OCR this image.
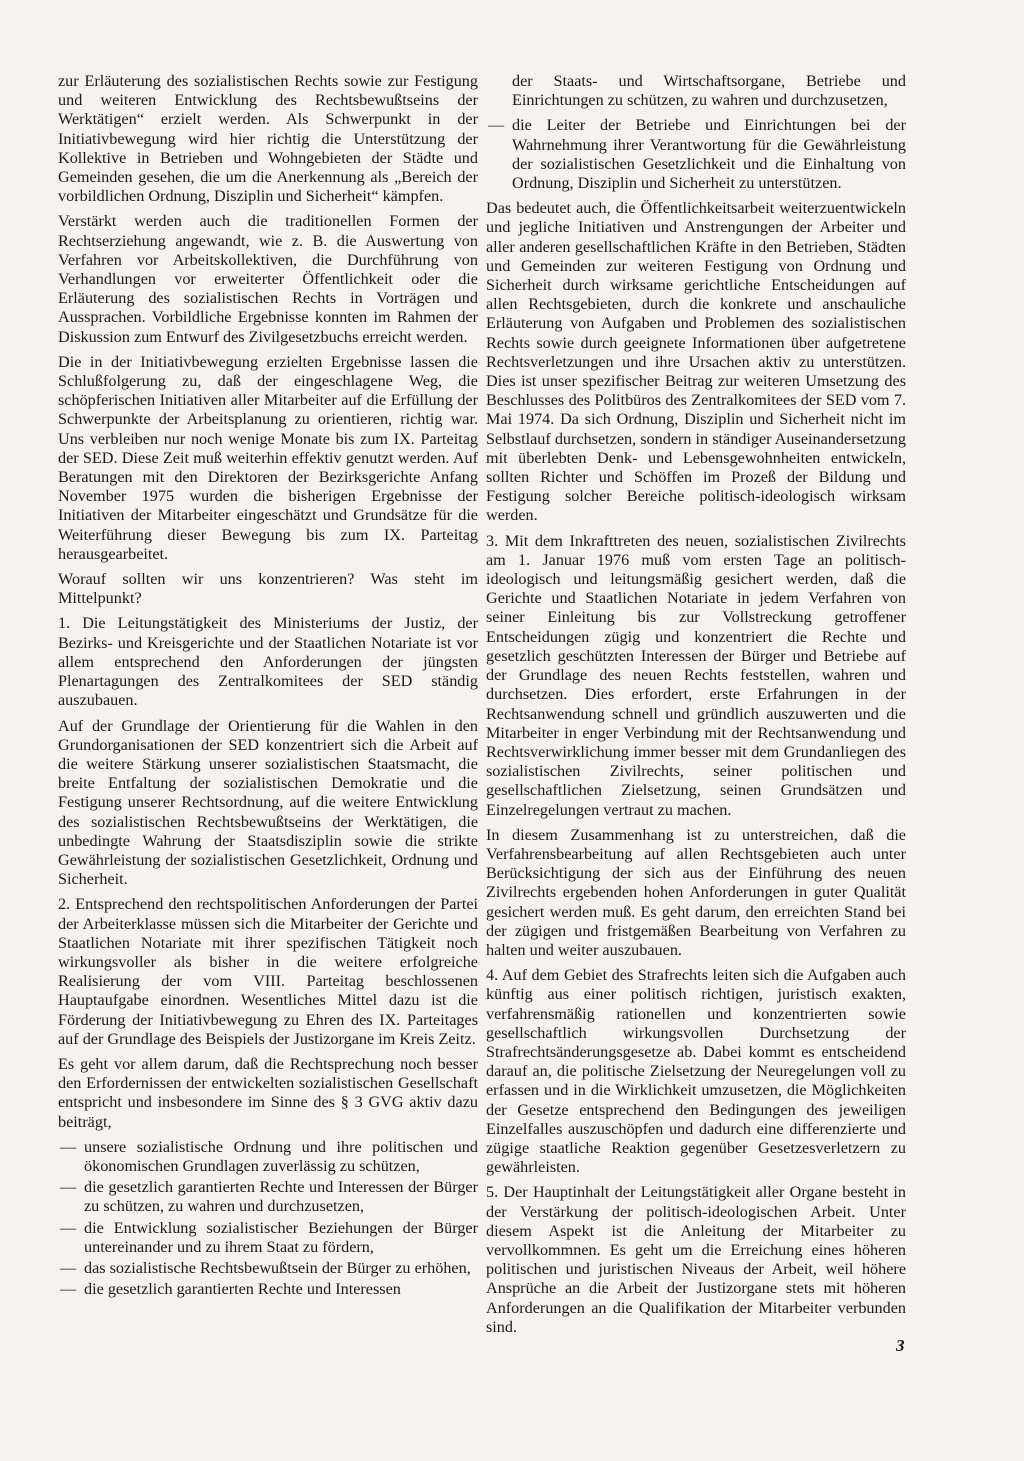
zur Erläuterung des sozialistischen Rechts sowie zur Festigung und weiteren Entwicklung des Rechtsbewußtseins der Werktätigen“ erzielt werden. Als Schwerpunkt in der Initiativbewegung wird hier richtig die Unterstützung der Kollektive in Betrieben und Wohngebieten der Städte und Gemeinden gesehen, die um die Anerkennung als „Bereich der vorbildlichen Ordnung, Disziplin und Sicherheit“ kämpfen.

Verstärkt werden auch die traditionellen Formen der Rechtserziehung angewandt, wie z. B. die Auswertung von Verfahren vor Arbeitskollektiven, die Durchführung von Verhandlungen vor erweiterter Öffentlichkeit oder die Erläuterung des sozialistischen Rechts in Vorträgen und Aussprachen. Vorbildliche Ergebnisse konnten im Rahmen der Diskussion zum Entwurf des Zivilgesetzbuchs erreicht werden.

Die in der Initiativbewegung erzielten Ergebnisse lassen die Schlußfolgerung zu, daß der eingeschlagene Weg, die schöpferischen Initiativen aller Mitarbeiter auf die Erfüllung der Schwerpunkte der Arbeitsplanung zu orientieren, richtig war. Uns verbleiben nur noch wenige Monate bis zum IX. Parteitag der SED. Diese Zeit muß weiterhin effektiv genutzt werden. Auf Beratungen mit den Direktoren der Bezirksgerichte Anfang November 1975 wurden die bisherigen Ergebnisse der Initiativen der Mitarbeiter eingeschätzt und Grundsätze für die Weiterführung dieser Bewegung bis zum IX. Parteitag herausgearbeitet.

Worauf sollten wir uns konzentrieren? Was steht im Mittelpunkt?

1. Die Leitungstätigkeit des Ministeriums der Justiz, der Bezirks- und Kreisgerichte und der Staatlichen Notariate ist vor allem entsprechend den Anforderungen der jüngsten Plenartagungen des Zentralkomitees der SED ständig auszubauen.

Auf der Grundlage der Orientierung für die Wahlen in den Grundorganisationen der SED konzentriert sich die Arbeit auf die weitere Stärkung unserer sozialistischen Staatsmacht, die breite Entfaltung der sozialistischen Demokratie und die Festigung unserer Rechtsordnung, auf die weitere Entwicklung des sozialistischen Rechtsbewußtseins der Werktätigen, die unbedingte Wahrung der Staatsdisziplin sowie die strikte Gewährleistung der sozialistischen Gesetzlichkeit, Ordnung und Sicherheit.

2. Entsprechend den rechtspolitischen Anforderungen der Partei der Arbeiterklasse müssen sich die Mitarbeiter der Gerichte und Staatlichen Notariate mit ihrer spezifischen Tätigkeit noch wirkungsvoller als bisher in die weitere erfolgreiche Realisierung der vom VIII. Parteitag beschlossenen Hauptaufgabe einordnen. Wesentliches Mittel dazu ist die Förderung der Initiativbewegung zu Ehren des IX. Parteitages auf der Grundlage des Beispiels der Justizorgane im Kreis Zeitz.

Es geht vor allem darum, daß die Rechtsprechung noch besser den Erfordernissen der entwickelten sozialistischen Gesellschaft entspricht und insbesondere im Sinne des § 3 GVG aktiv dazu beiträgt,

— unsere sozialistische Ordnung und ihre politischen und ökonomischen Grundlagen zuverlässig zu schützen,
— die gesetzlich garantierten Rechte und Interessen der Bürger zu schützen, zu wahren und durchzusetzen,
— die Entwicklung sozialistischer Beziehungen der Bürger untereinander und zu ihrem Staat zu fördern,
— das sozialistische Rechtsbewußtsein der Bürger zu erhöhen,
— die gesetzlich garantierten Rechte und Interessen

der Staats- und Wirtschaftsorgane, Betriebe und Einrichtungen zu schützen, zu wahren und durchzusetzen,

— die Leiter der Betriebe und Einrichtungen bei der Wahrnehmung ihrer Verantwortung für die Gewährleistung der sozialistischen Gesetzlichkeit und die Einhaltung von Ordnung, Disziplin und Sicherheit zu unterstützen.

Das bedeutet auch, die Öffentlichkeitsarbeit weiterzuentwickeln und jegliche Initiativen und Anstrengungen der Arbeiter und aller anderen gesellschaftlichen Kräfte in den Betrieben, Städten und Gemeinden zur weiteren Festigung von Ordnung und Sicherheit durch wirksame gerichtliche Entscheidungen auf allen Rechtsgebieten, durch die konkrete und anschauliche Erläuterung von Aufgaben und Problemen des sozialistischen Rechts sowie durch geeignete Informationen über aufgetretene Rechtsverletzungen und ihre Ursachen aktiv zu unterstützen. Dies ist unser spezifischer Beitrag zur weiteren Umsetzung des Beschlusses des Politbüros des Zentralkomitees der SED vom 7. Mai 1974. Da sich Ordnung, Disziplin und Sicherheit nicht im Selbstlauf durchsetzen, sondern in ständiger Auseinandersetzung mit überlebten Denk- und Lebensgewohnheiten entwickeln, sollten Richter und Schöffen im Prozeß der Bildung und Festigung solcher Bereiche politisch-ideologisch wirksam werden.

3. Mit dem Inkrafttreten des neuen, sozialistischen Zivilrechts am 1. Januar 1976 muß vom ersten Tage an politisch-ideologisch und leitungsmäßig gesichert werden, daß die Gerichte und Staatlichen Notariate in jedem Verfahren von seiner Einleitung bis zur Vollstreckung getroffener Entscheidungen zügig und konzentriert die Rechte und gesetzlich geschützten Interessen der Bürger und Betriebe auf der Grundlage des neuen Rechts feststellen, wahren und durchsetzen. Dies erfordert, erste Erfahrungen in der Rechtsanwendung schnell und gründlich auszuwerten und die Mitarbeiter in enger Verbindung mit der Rechtsanwendung und Rechtsverwirklichung immer besser mit dem Grundanliegen des sozialistischen Zivilrechts, seiner politischen und gesellschaftlichen Zielsetzung, seinen Grundsätzen und Einzelregelungen vertraut zu machen.

In diesem Zusammenhang ist zu unterstreichen, daß die Verfahrensbearbeitung auf allen Rechtsgebieten auch unter Berücksichtigung der sich aus der Einführung des neuen Zivilrechts ergebenden hohen Anforderungen in guter Qualität gesichert werden muß. Es geht darum, den erreichten Stand bei der zügigen und fristgemäßen Bearbeitung von Verfahren zu halten und weiter auszubauen.

4. Auf dem Gebiet des Strafrechts leiten sich die Aufgaben auch künftig aus einer politisch richtigen, juristisch exakten, verfahrensmäßig rationellen und konzentrierten sowie gesellschaftlich wirkungsvollen Durchsetzung der Strafrechtsänderungsgesetze ab. Dabei kommt es entscheidend darauf an, die politische Zielsetzung der Neuregelungen voll zu erfassen und in die Wirklichkeit umzusetzen, die Möglichkeiten der Gesetze entsprechend den Bedingungen des jeweiligen Einzelfalles auszuschöpfen und dadurch eine differenzierte und zügige staatliche Reaktion gegenüber Gesetzesverletzern zu gewährleisten.

5. Der Hauptinhalt der Leitungstätigkeit aller Organe besteht in der Verstärkung der politisch-ideologischen Arbeit. Unter diesem Aspekt ist die Anleitung der Mitarbeiter zu vervollkommnen. Es geht um die Erreichung eines höheren politischen und juristischen Niveaus der Arbeit, weil höhere Ansprüche an die Arbeit der Justizorgane stets mit höheren Anforderungen an die Qualifikation der Mitarbeiter verbunden sind.

3
